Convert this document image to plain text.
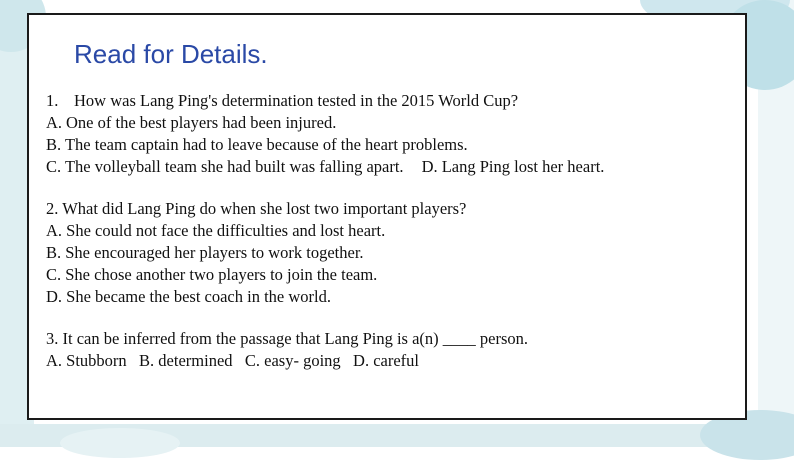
Read for Details.
1. How was Lang Ping's determination tested in the 2015 World Cup?
A. One of the best players had been injured.
B. The team captain had to leave because of the heart problems.
C. The volleyball team she had built was falling apart. D. Lang Ping lost her heart.
2. What did Lang Ping do when she lost two important players?
A. She could not face the difficulties and lost heart.
B. She encouraged her players to work together.
C. She chose another two players to join the team.
D. She became the best coach in the world.
3. It can be inferred from the passage that Lang Ping is a(n) ____ person.
A. Stubborn   B. determined   C. easy- going   D. careful
